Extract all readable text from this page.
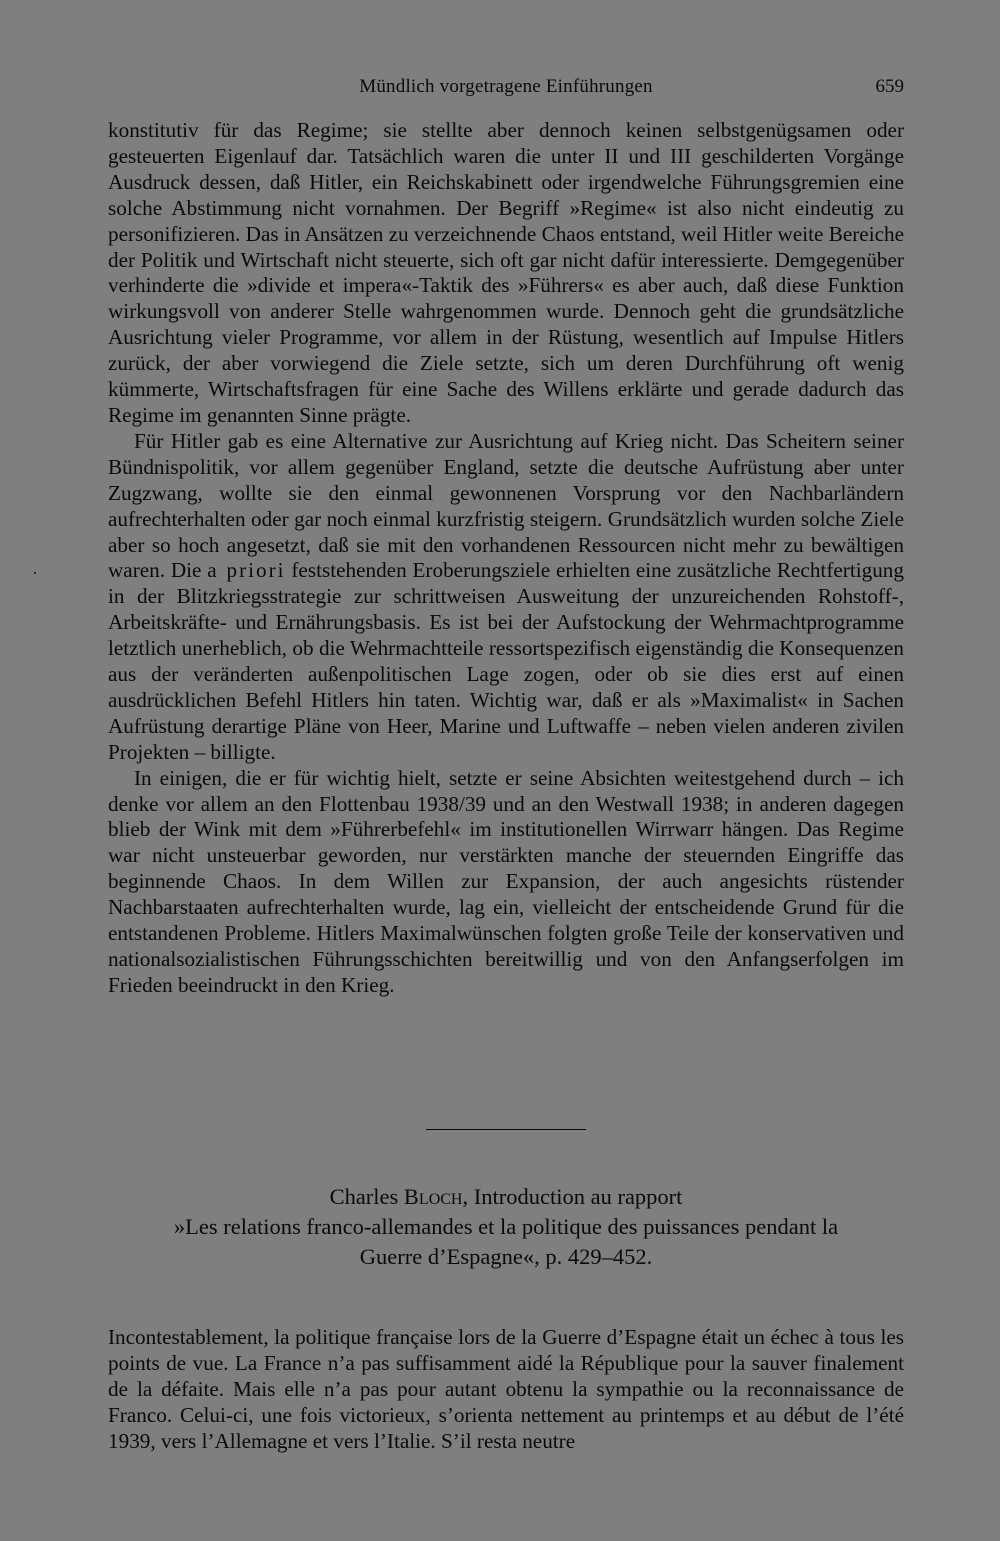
Mündlich vorgetragene Einführungen	659

konstitutiv für das Regime; sie stellte aber dennoch keinen selbstgenügsamen oder gesteuerten Eigenlauf dar. Tatsächlich waren die unter II und III geschilderten Vorgänge Ausdruck dessen, daß Hitler, ein Reichskabinett oder irgendwelche Führungsgremien eine solche Abstimmung nicht vornahmen. Der Begriff »Regime« ist also nicht eindeutig zu personifizieren. Das in Ansätzen zu verzeichnende Chaos entstand, weil Hitler weite Bereiche der Politik und Wirtschaft nicht steuerte, sich oft gar nicht dafür interessierte. Demgegenüber verhinderte die »divide et impera«-Taktik des »Führers« es aber auch, daß diese Funktion wirkungsvoll von anderer Stelle wahrgenommen wurde. Dennoch geht die grundsätzliche Ausrichtung vieler Programme, vor allem in der Rüstung, wesentlich auf Impulse Hitlers zurück, der aber vorwiegend die Ziele setzte, sich um deren Durchführung oft wenig kümmerte, Wirtschaftsfragen für eine Sache des Willens erklärte und gerade dadurch das Regime im genannten Sinne prägte.

Für Hitler gab es eine Alternative zur Ausrichtung auf Krieg nicht. Das Scheitern seiner Bündnispolitik, vor allem gegenüber England, setzte die deutsche Aufrüstung aber unter Zugzwang, wollte sie den einmal gewonnenen Vorsprung vor den Nachbarländern aufrechterhalten oder gar noch einmal kurzfristig steigern. Grundsätzlich wurden solche Ziele aber so hoch angesetzt, daß sie mit den vorhandenen Ressourcen nicht mehr zu bewältigen waren. Die a priori feststehenden Eroberungsziele erhielten eine zusätzliche Rechtfertigung in der Blitzkriegsstrategie zur schrittweisen Ausweitung der unzureichenden Rohstoff-, Arbeitskräfte- und Ernährungsbasis. Es ist bei der Aufstockung der Wehrmachtprogramme letztlich unerheblich, ob die Wehrmachtteile ressortspezifisch eigenständig die Konsequenzen aus der veränderten außenpolitischen Lage zogen, oder ob sie dies erst auf einen ausdrücklichen Befehl Hitlers hin taten. Wichtig war, daß er als »Maximalist« in Sachen Aufrüstung derartige Pläne von Heer, Marine und Luftwaffe – neben vielen anderen zivilen Projekten – billigte.

In einigen, die er für wichtig hielt, setzte er seine Absichten weitestgehend durch – ich denke vor allem an den Flottenbau 1938/39 und an den Westwall 1938; in anderen dagegen blieb der Wink mit dem »Führerbefehl« im institutionellen Wirrwarr hängen. Das Regime war nicht unsteuerbar geworden, nur verstärkten manche der steuernden Eingriffe das beginnende Chaos. In dem Willen zur Expansion, der auch angesichts rüstender Nachbarstaaten aufrechterhalten wurde, lag ein, vielleicht der entscheidende Grund für die entstandenen Probleme. Hitlers Maximalwünschen folgten große Teile der konservativen und nationalsozialistischen Führungsschichten bereitwillig und von den Anfangserfolgen im Frieden beeindruckt in den Krieg.

Charles Bloch, Introduction au rapport
»Les relations franco-allemandes et la politique des puissances pendant la
Guerre d’Espagne«, p. 429–452.

Incontestablement, la politique française lors de la Guerre d’Espagne était un échec à tous les points de vue. La France n’a pas suffisamment aidé la République pour la sauver finalement de la défaite. Mais elle n’a pas pour autant obtenu la sympathie ou la reconnaissance de Franco. Celui-ci, une fois victorieux, s’orienta nettement au printemps et au début de l’été 1939, vers l’Allemagne et vers l’Italie. S’il resta neutre
